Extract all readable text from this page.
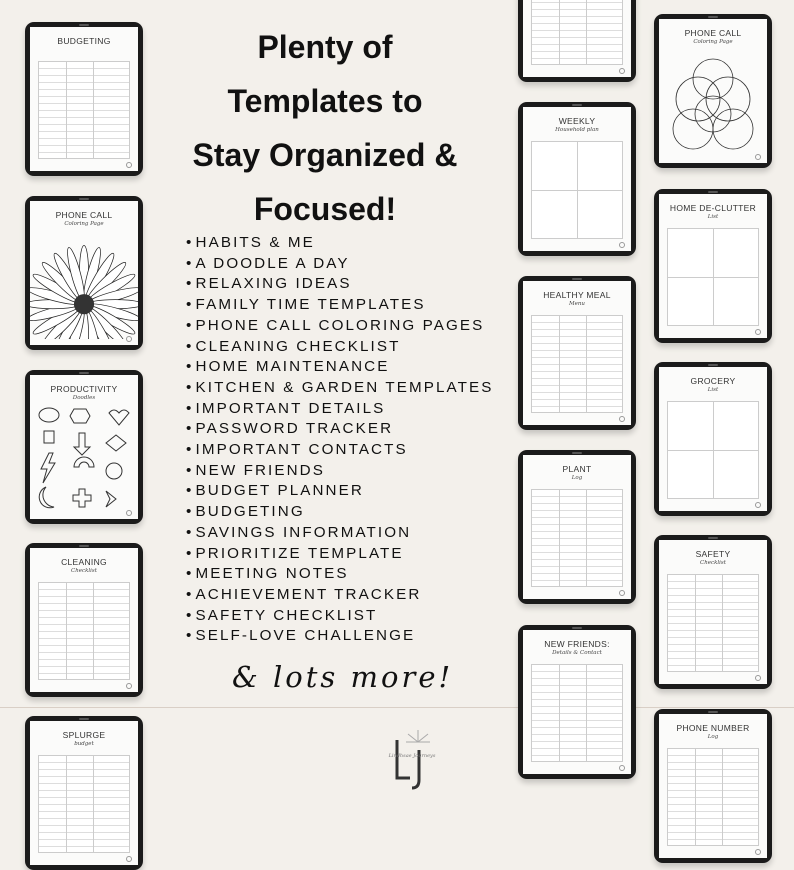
Plenty of
Templates to
Stay Organized &
Focused!
• HABITS & ME
• A DOODLE A DAY
• RELAXING IDEAS
• FAMILY TIME TEMPLATES
• PHONE CALL COLORING PAGES
• CLEANING CHECKLIST
• HOME MAINTENANCE
• KITCHEN & GARDEN TEMPLATES
• IMPORTANT DETAILS
• PASSWORD TRACKER
• IMPORTANT CONTACTS
• NEW FRIENDS
• BUDGET PLANNER
• BUDGETING
• SAVINGS INFORMATION
• PRIORITIZE TEMPLATE
• MEETING NOTES
• ACHIEVEMENT TRACKER
• SAFETY CHECKLIST
• SELF-LOVE CHALLENGE
& lots more!
Lindhsae Journeys
BUDGETING
PHONE CALL
Coloring Page
PRODUCTIVITY
Doodles
CLEANING
Checklist
SPLURGE
budget
WEEKLY
Household plan
HEALTHY MEAL
Menu
PLANT
Log
NEW FRIENDS:
Details & Contact
PHONE CALL
Coloring Page
HOME DE-CLUTTER
List
GROCERY
List
SAFETY
Checklist
PHONE NUMBER
Log
